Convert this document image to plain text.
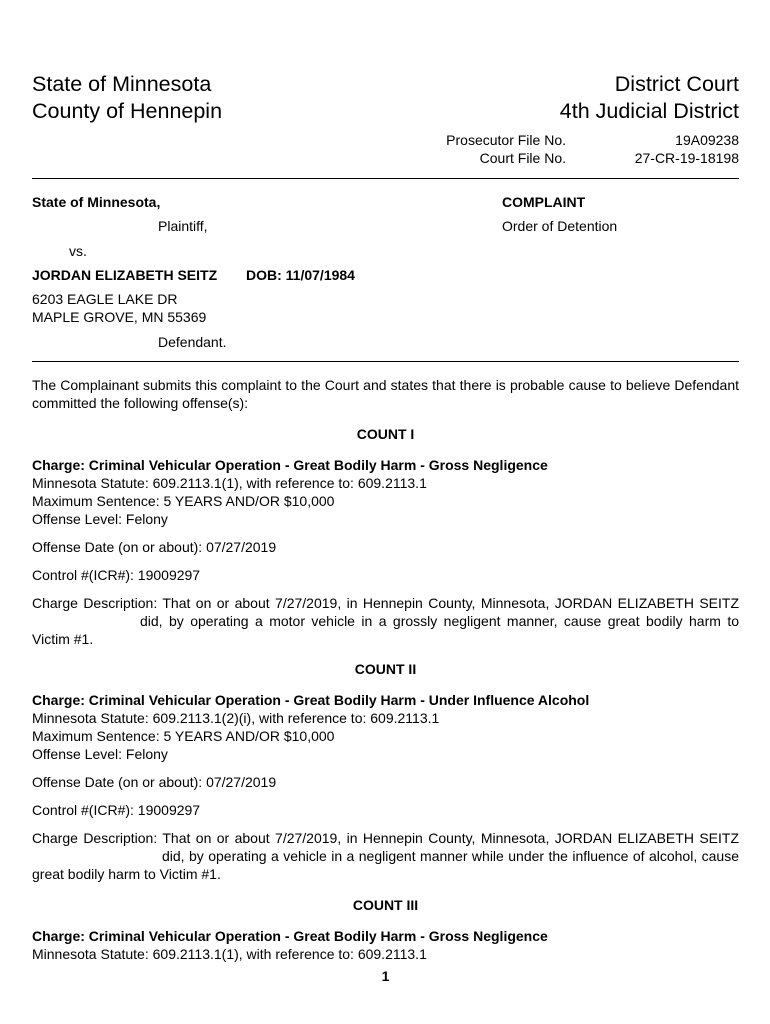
State of Minnesota
County of Hennepin
District Court
4th Judicial District
Prosecutor File No.	19A09238
Court File No.	27-CR-19-18198
State of Minnesota,
Plaintiff,
vs.
JORDAN ELIZABETH SEITZ DOB: 11/07/1984
6203 EAGLE LAKE DR
MAPLE GROVE, MN 55369
Defendant.
COMPLAINT
Order of Detention
The Complainant submits this complaint to the Court and states that there is probable cause to believe Defendant committed the following offense(s):
COUNT I
Charge: Criminal Vehicular Operation - Great Bodily Harm - Gross Negligence
Minnesota Statute: 609.2113.1(1), with reference to: 609.2113.1
Maximum Sentence: 5 YEARS AND/OR $10,000
Offense Level: Felony
Offense Date (on or about): 07/27/2019
Control #(ICR#): 19009297
Charge Description: That on or about 7/27/2019, in Hennepin County, Minnesota, JORDAN ELIZABETH SEITZdid, by operating a motor vehicle in a grossly negligent manner, cause great bodily harm to Victim #1.
COUNT II
Charge: Criminal Vehicular Operation - Great Bodily Harm - Under Influence Alcohol
Minnesota Statute: 609.2113.1(2)(i), with reference to: 609.2113.1
Maximum Sentence: 5 YEARS AND/OR $10,000
Offense Level: Felony
Offense Date (on or about): 07/27/2019
Control #(ICR#): 19009297
Charge Description: That on or about 7/27/2019, in Hennepin County, Minnesota, JORDAN ELIZABETH SEITZdid, by operating a vehicle in a negligent manner while under the influence of alcohol, cause great bodily harm to Victim #1.
COUNT III
Charge: Criminal Vehicular Operation - Great Bodily Harm - Gross Negligence
Minnesota Statute: 609.2113.1(1), with reference to: 609.2113.1
1
